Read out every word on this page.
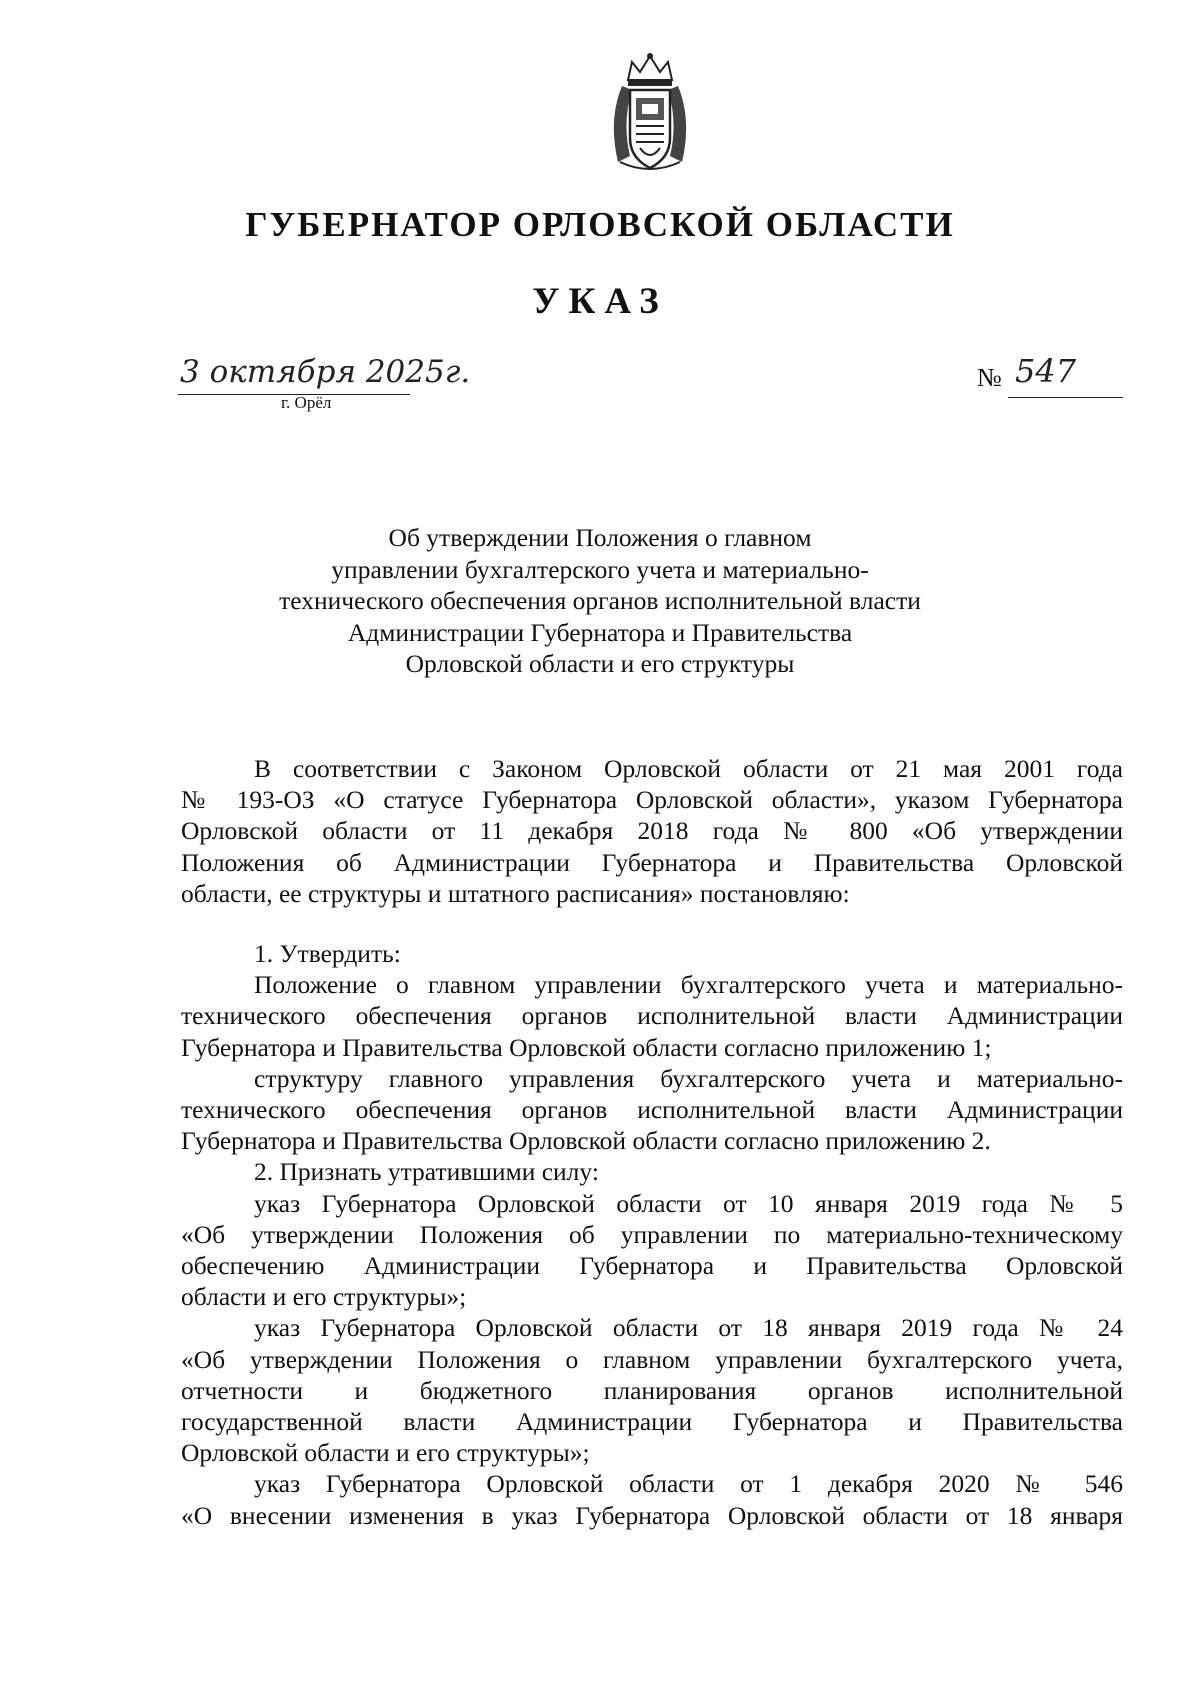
ГУБЕРНАТОР ОРЛОВСКОЙ ОБЛАСТИ
УКАЗ
3 октября 2025г.
г. Орёл
№ 547
Об утверждении Положения о главном
управлении бухгалтерского учета и материально-
технического обеспечения органов исполнительной власти
Администрации Губернатора и Правительства
Орловской области и его структуры
В соответствии с Законом Орловской области от 21 мая 2001 года
№ 193-ОЗ «О статусе Губернатора Орловской области», указом Губернатора
Орловской области от 11 декабря 2018 года № 800 «Об утверждении
Положения об Администрации Губернатора и Правительства Орловской
области, ее структуры и штатного расписания» постановляю:
1. Утвердить:
Положение о главном управлении бухгалтерского учета и материально-
технического обеспечения органов исполнительной власти Администрации
Губернатора и Правительства Орловской области согласно приложению 1;
структуру главного управления бухгалтерского учета и материально-
технического обеспечения органов исполнительной власти Администрации
Губернатора и Правительства Орловской области согласно приложению 2.
2. Признать утратившими силу:
указ Губернатора Орловской области от 10 января 2019 года № 5
«Об утверждении Положения об управлении по материально-техническому
обеспечению Администрации Губернатора и Правительства Орловской
области и его структуры»;
указ Губернатора Орловской области от 18 января 2019 года № 24
«Об утверждении Положения о главном управлении бухгалтерского учета,
отчетности и бюджетного планирования органов исполнительной
государственной власти Администрации Губернатора и Правительства
Орловской области и его структуры»;
указ Губернатора Орловской области от 1 декабря 2020 № 546
«О внесении изменения в указ Губернатора Орловской области от 18 января
